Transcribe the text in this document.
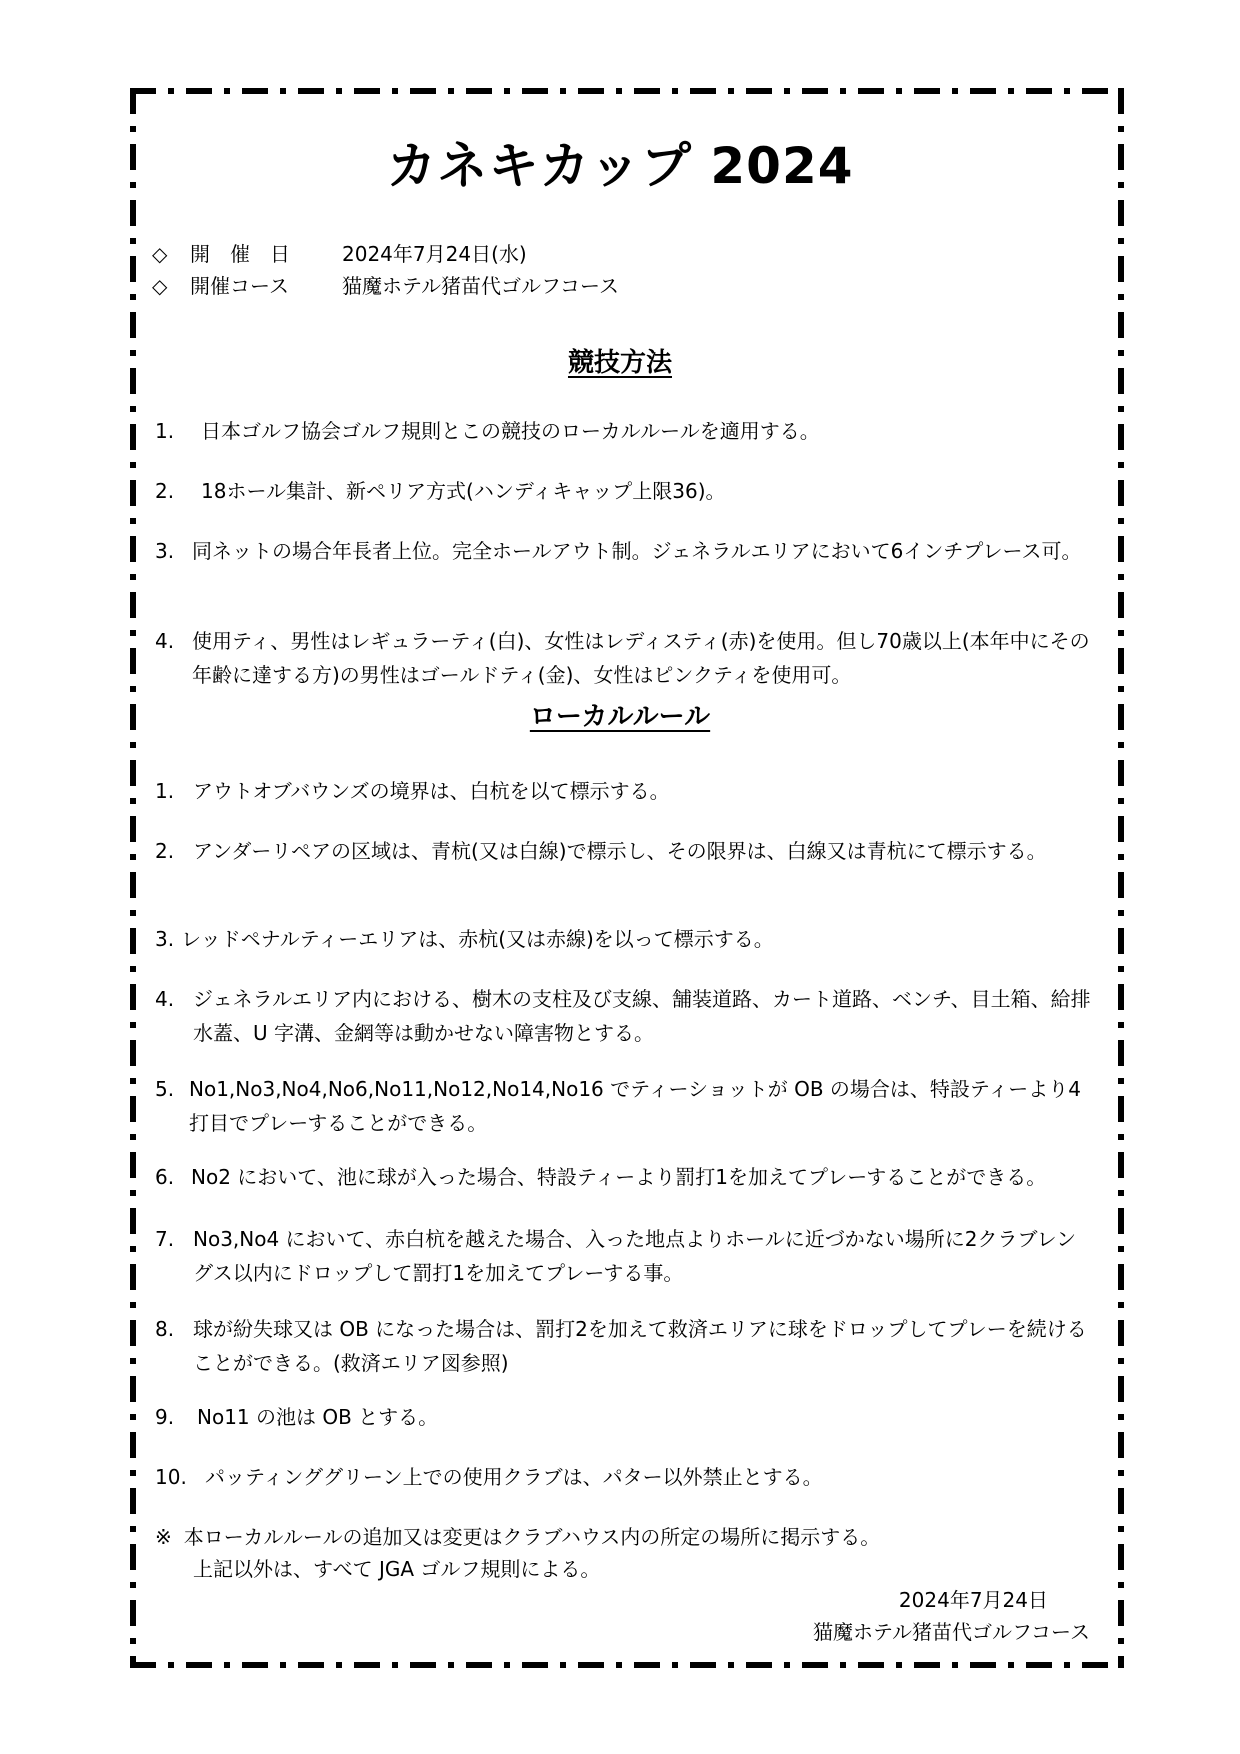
カネキカップ 2024
◇ 開　催　日	2024年7月24日(水)
◇ 開催コース	猫魔ホテル猪苗代ゴルフコース
競技方法
1. 日本ゴルフ協会ゴルフ規則とこの競技のローカルルールを適用する。
2. 18ホール集計、新ペリア方式(ハンディキャップ上限36)。
3. 同ネットの場合年長者上位。完全ホールアウト制。ジェネラルエリアにおいて6インチプレース可。
4. 使用ティ、男性はレギュラーティ(白)、女性はレディスティ(赤)を使用。但し70歳以上(本年中にその年齢に達する方)の男性はゴールドティ(金)、女性はピンクティを使用可。
ローカルルール
1. アウトオブバウンズの境界は、白杭を以て標示する。
2. アンダーリペアの区域は、青杭(又は白線)で標示し、その限界は、白線又は青杭にて標示する。
3. レッドペナルティーエリアは、赤杭(又は赤線)を以って標示する。
4. ジェネラルエリア内における、樹木の支柱及び支線、舗装道路、カート道路、ベンチ、目土箱、給排水蓋、U 字溝、金網等は動かせない障害物とする。
5. No1,No3,No4,No6,No11,No12,No14,No16 でティーショットが OB の場合は、特設ティーより4打目でプレーすることができる。
6. No2 において、池に球が入った場合、特設ティーより罰打1を加えてプレーすることができる。
7. No3,No4 において、赤白杭を越えた場合、入った地点よりホールに近づかない場所に2クラブレングス以内にドロップして罰打1を加えてプレーする事。
8. 球が紛失球又は OB になった場合は、罰打2を加えて救済エリアに球をドロップしてプレーを続けることができる。(救済エリア図参照)
9. No11 の池は OB とする。
10. パッティンググリーン上での使用クラブは、パター以外禁止とする。
※ 本ローカルルールの追加又は変更はクラブハウス内の所定の場所に掲示する。
上記以外は、すべて JGA ゴルフ規則による。
2024年7月24日
猫魔ホテル猪苗代ゴルフコース
